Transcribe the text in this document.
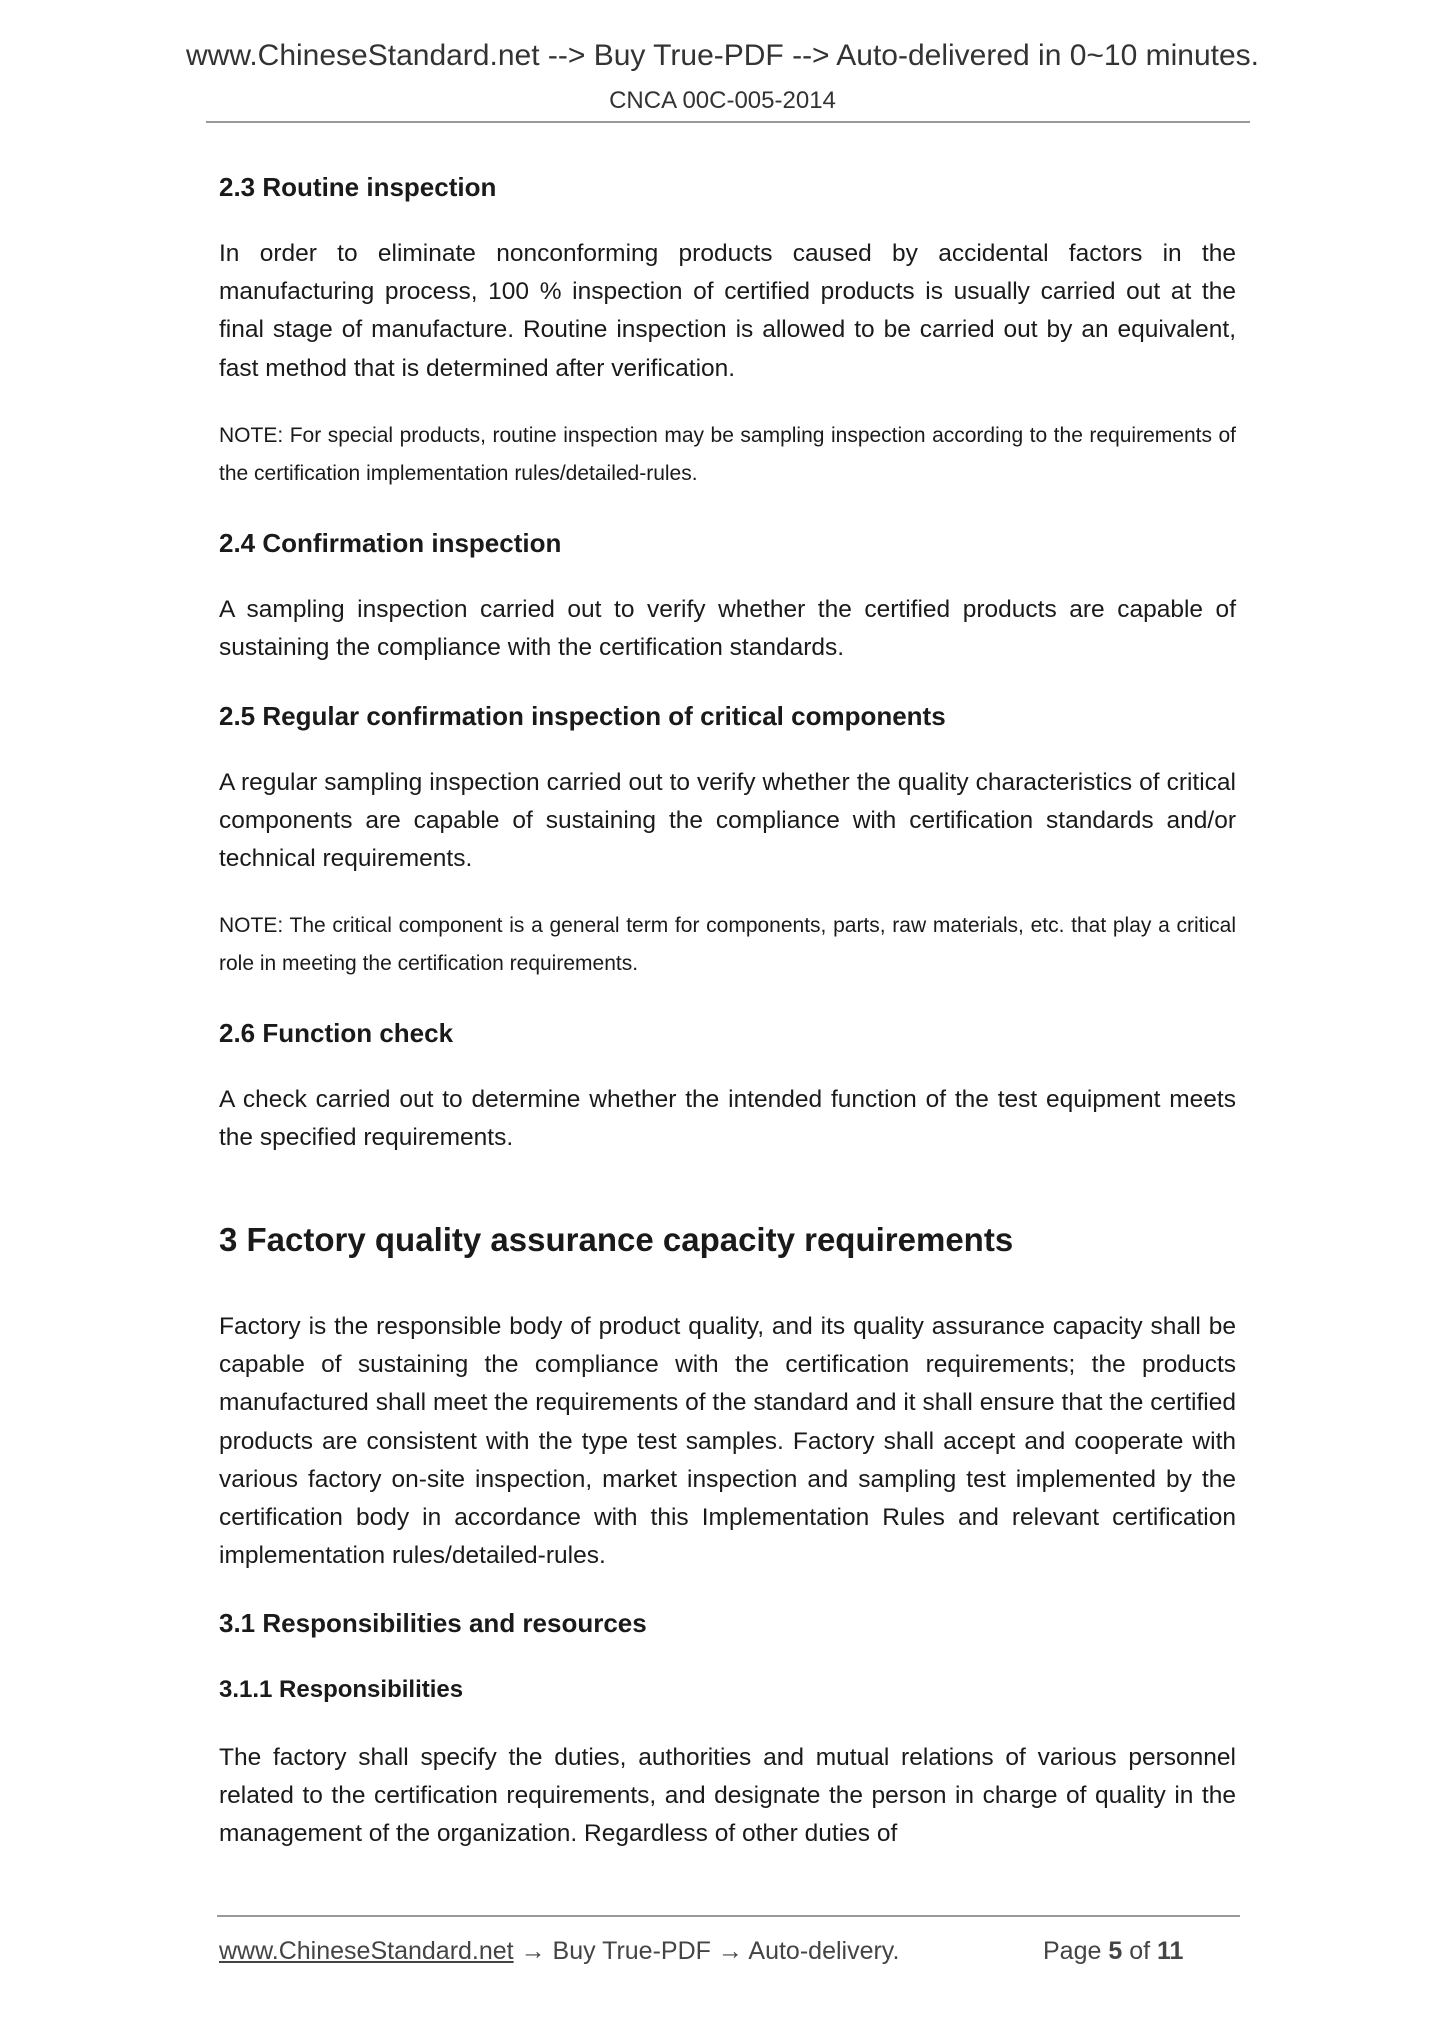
www.ChineseStandard.net --> Buy True-PDF --> Auto-delivered in 0~10 minutes.
CNCA 00C-005-2014
2.3 Routine inspection
In order to eliminate nonconforming products caused by accidental factors in the manufacturing process, 100 % inspection of certified products is usually carried out at the final stage of manufacture. Routine inspection is allowed to be carried out by an equivalent, fast method that is determined after verification.
NOTE: For special products, routine inspection may be sampling inspection according to the requirements of the certification implementation rules/detailed-rules.
2.4 Confirmation inspection
A sampling inspection carried out to verify whether the certified products are capable of sustaining the compliance with the certification standards.
2.5 Regular confirmation inspection of critical components
A regular sampling inspection carried out to verify whether the quality characteristics of critical components are capable of sustaining the compliance with certification standards and/or technical requirements.
NOTE: The critical component is a general term for components, parts, raw materials, etc. that play a critical role in meeting the certification requirements.
2.6 Function check
A check carried out to determine whether the intended function of the test equipment meets the specified requirements.
3 Factory quality assurance capacity requirements
Factory is the responsible body of product quality, and its quality assurance capacity shall be capable of sustaining the compliance with the certification requirements; the products manufactured shall meet the requirements of the standard and it shall ensure that the certified products are consistent with the type test samples. Factory shall accept and cooperate with various factory on-site inspection, market inspection and sampling test implemented by the certification body in accordance with this Implementation Rules and relevant certification implementation rules/detailed-rules.
3.1 Responsibilities and resources
3.1.1 Responsibilities
The factory shall specify the duties, authorities and mutual relations of various personnel related to the certification requirements, and designate the person in charge of quality in the management of the organization. Regardless of other duties of
www.ChineseStandard.net → Buy True-PDF → Auto-delivery.	Page 5 of 11
